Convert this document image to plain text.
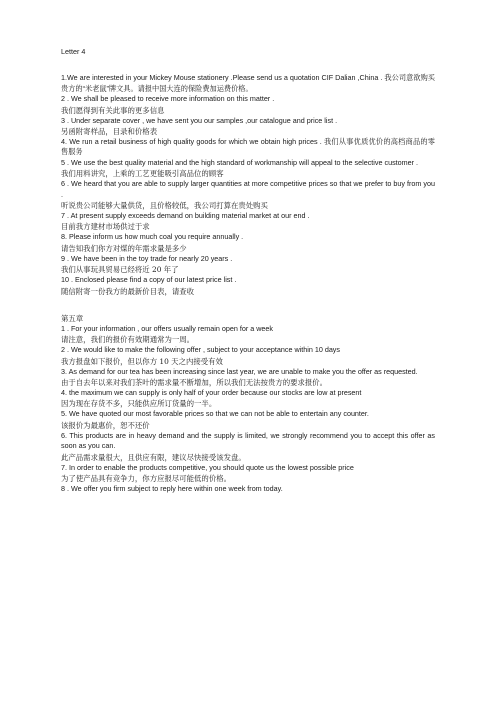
Letter 4
1.We are interested in your Mickey Mouse stationery .Please send us a quotation CIF Dalian ,China . 我公司意欲购买贵方的“米老鼠”牌文具。请报中国大连的保险费加运费价格。
2 . We shall be pleased to receive more information on this matter .
我们愿得到有关此事的更多信息
3 . Under separate cover , we have sent you our samples ,our catalogue and price list .
另函附寄样品，目录和价格表
4. We run a retail business of high quality goods for which we obtain high prices . 我们从事优质优价的高档商品的零售服务
5 . We use the best quality material and the high standard of workmanship will appeal to the selective customer .
我们用料讲究，上乘的工艺更能吸引高品位的顾客
6 . We heard that you are able to supply larger quantities at more competitive prices so that we prefer to buy from you .
听说贵公司能够大量供货，且价格较低，我公司打算在贵处购买
7 . At present supply exceeds demand on building material market at our end .
目前我方建材市场供过于求
8. Please inform us how much coal you require annually .
请告知我们你方对煤的年需求量是多少
9 . We have been in the toy trade for nearly 20 years .
我们从事玩具贸易已经将近 20 年了
10 . Enclosed please find a copy of our latest price list .
随信附寄一份我方的最新价目表，请查收
第五章
1 . For your information , our offers usually remain open for a week
请注意，我们的报价有效期通常为一周。
2 . We would like to make the following offer , subject to your acceptance within 10 days
我方报盘如下报价，但以你方 10 天之内接受有效
3. As demand for our tea has been increasing since last year, we are unable to make you the offer as requested.
由于自去年以来对我们茶叶的需求量不断增加，所以我们无法按贵方的要求报价。
4. the maximum we can supply is only half of your order because our stocks are low at present
因为现在存货不多，只能供应所订货量的一半。
5. We have quoted our most favorable prices so that we can not be able to entertain any counter.
该报价为最惠价，恕不还价
6. This products are in heavy demand and the supply is limited, we strongly recommend you to accept this offer as soon as you can.
此产品需求量很大，且供应有限，建议尽快接受该发盘。
7. In order to enable the products competitive, you should quote us the lowest possible price
为了使产品具有竞争力，你方应报尽可能低的价格。
8 . We offer you firm subject to reply here within one week from today.
